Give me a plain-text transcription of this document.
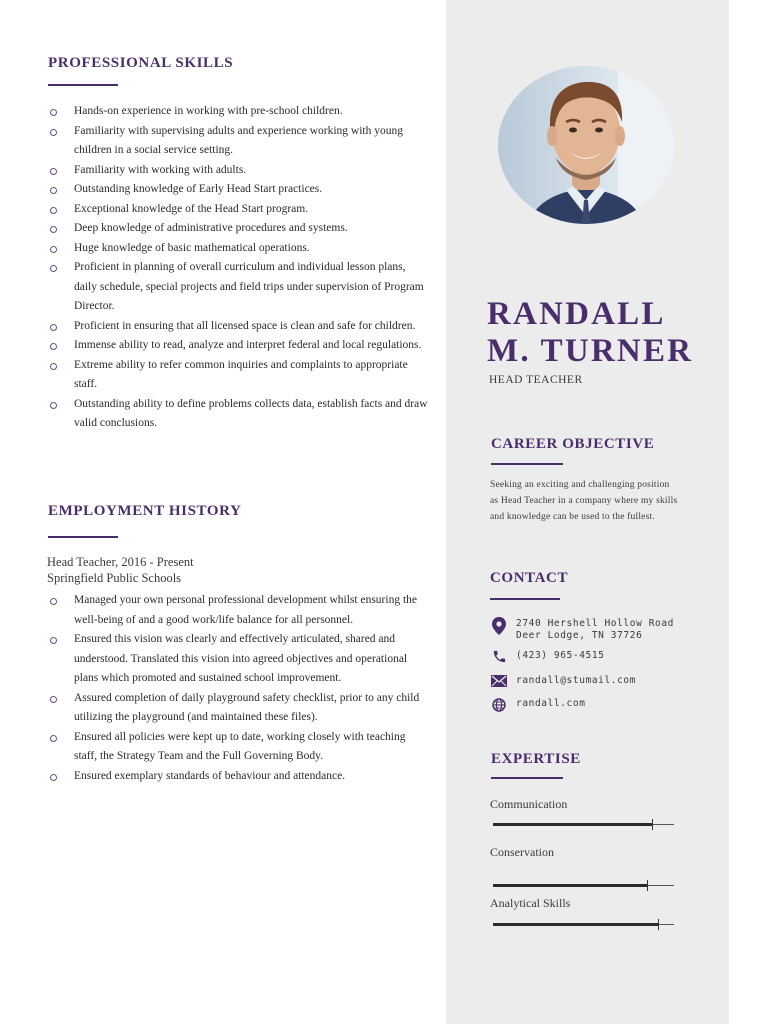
PROFESSIONAL SKILLS
Hands-on experience in working with pre-school children.
Familiarity with supervising adults and experience working with young children in a social service setting.
Familiarity with working with adults.
Outstanding knowledge of Early Head Start practices.
Exceptional knowledge of the Head Start program.
Deep knowledge of administrative procedures and systems.
Huge knowledge of basic mathematical operations.
Proficient in planning of overall curriculum and individual lesson plans, daily schedule, special projects and field trips under supervision of Program Director.
Proficient in ensuring that all licensed space is clean and safe for children.
Immense ability to read, analyze and interpret federal and local regulations.
Extreme ability to refer common inquiries and complaints to appropriate staff.
Outstanding ability to define problems collects data, establish facts and draw valid conclusions.
EMPLOYMENT HISTORY
Head Teacher, 2016 - Present
Springfield Public Schools
Managed your own personal professional development whilst ensuring the well-being of and a good work/life balance for all personnel.
Ensured this vision was clearly and effectively articulated, shared and understood. Translated this vision into agreed objectives and operational plans which promoted and sustained school improvement.
Assured completion of daily playground safety checklist, prior to any child utilizing the playground (and maintained these files).
Ensured all policies were kept up to date, working closely with teaching staff, the Strategy Team and the Full Governing Body.
Ensured exemplary standards of behaviour and attendance.
RANDALL
M. TURNER
HEAD TEACHER
CAREER OBJECTIVE
Seeking an exciting and challenging position as Head Teacher in a company where my skills and knowledge can be used to the fullest.
CONTACT
2740 Hershell Hollow Road
Deer Lodge, TN 37726
(423) 965-4515
randall@stumail.com
randall.com
EXPERTISE
Communication
Conservation
Analytical Skills
